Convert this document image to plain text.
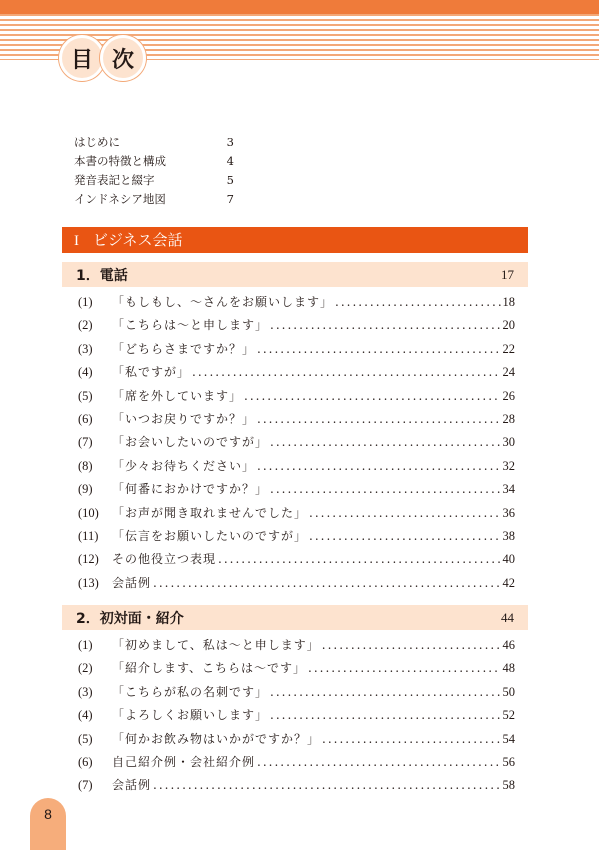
目 次
はじめに	3
本書の特徴と構成	4
発音表記と綴字	5
インドネシア地図	7
I ビジネス会話
1．電話	17
(1)	「もしもし、～さんをお願いします」 .....	18
(2)	「こちらは～と申します」 .....	20
(3)	「どちらさまですか？」 .....	22
(4)	「私ですが」 .....	24
(5)	「席を外しています」 .....	26
(6)	「いつお戻りですか？」 .....	28
(7)	「お会いしたいのですが」 .....	30
(8)	「少々お待ちください」 .....	32
(9)	「何番におかけですか？」 .....	34
(10)	「お声が聞き取れませんでした」 .....	36
(11)	「伝言をお願いしたいのですが」 .....	38
(12)	その他役立つ表現 .....	40
(13)	会話例 .....	42
2．初対面・紹介	44
(1)	「初めまして、私は～と申します」 .....	46
(2)	「紹介します、こちらは～です」 .....	48
(3)	「こちらが私の名刺です」 .....	50
(4)	「よろしくお願いします」 .....	52
(5)	「何かお飲み物はいかがですか？」 .....	54
(6)	自己紹介例・会社紹介例 .....	56
(7)	会話例 .....	58
8
